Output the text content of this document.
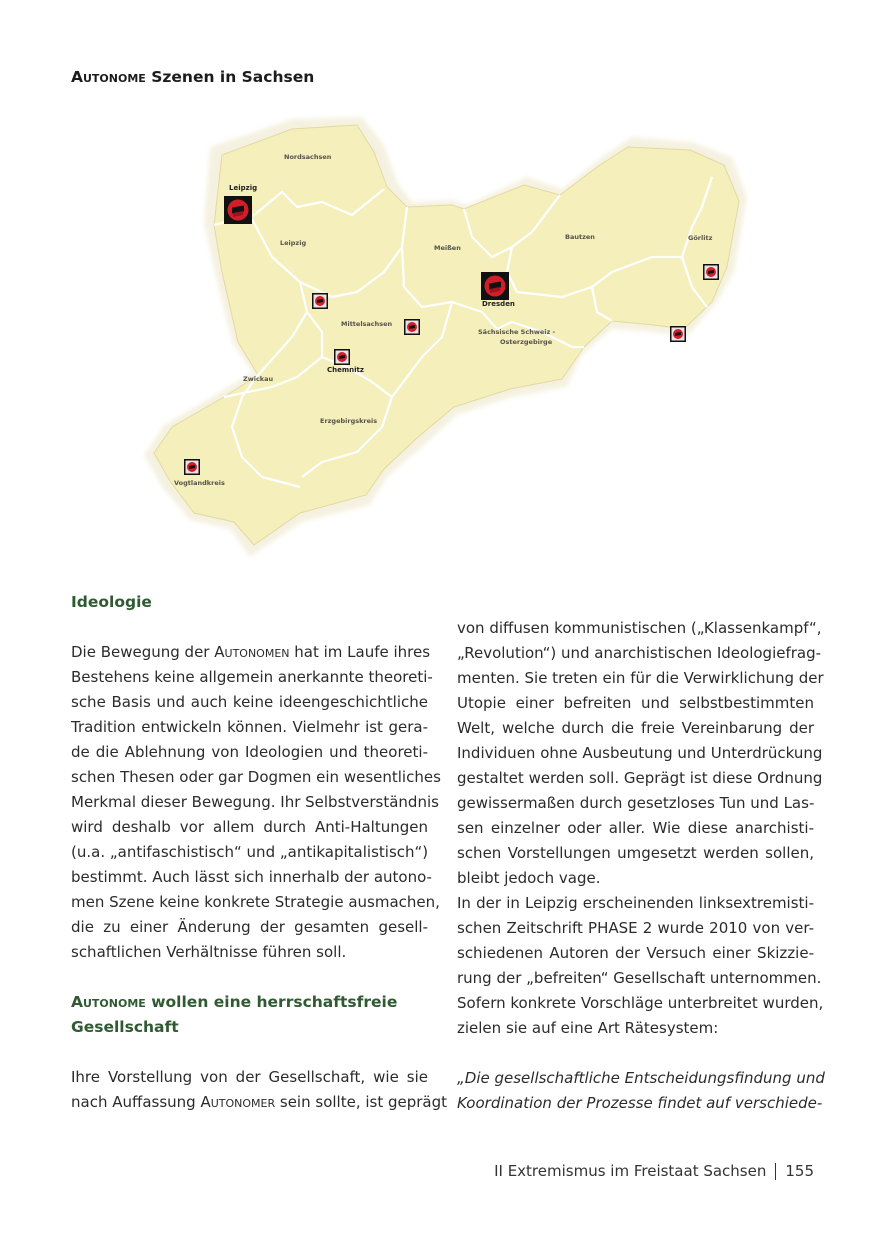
Autonome Szenen in Sachsen
Nordsachsen
Leipzig
Meißen
Bautzen	Görlitz
Mittelsachsen
Sächsische Schweiz -
Osterzgebirge
Zwickau
Erzgebirgskreis
Vogtlandkreis
Leipzig
Dresden
Chemnitz
Ideologie
Die Bewegung der Autonomen hat im Laufe ihres
Bestehens keine allgemein anerkannte theoreti-
sche Basis und auch keine ideengeschichtliche
Tradition entwickeln können. Vielmehr ist gera-
de die Ablehnung von Ideologien und theoreti-
schen Thesen oder gar Dogmen ein wesentliches
Merkmal dieser Bewegung. Ihr Selbstverständnis
wird deshalb vor allem durch Anti-Haltungen
(u.a. „antifaschistisch“ und „antikapitalistisch“)
bestimmt. Auch lässt sich innerhalb der autono-
men Szene keine konkrete Strategie ausmachen,
die zu einer Änderung der gesamten gesell-
schaftlichen Verhältnisse führen soll.
Autonome wollen eine herrschaftsfreie
Gesellschaft
Ihre Vorstellung von der Gesellschaft, wie sie
nach Auffassung Autonomer sein sollte, ist geprägt
von diffusen kommunistischen („Klassenkampf“,
„Revolution“) und anarchistischen Ideologiefrag-
menten. Sie treten ein für die Verwirklichung der
Utopie einer befreiten und selbstbestimmten
Welt, welche durch die freie Vereinbarung der
Individuen ohne Ausbeutung und Unterdrückung
gestaltet werden soll. Geprägt ist diese Ordnung
gewissermaßen durch gesetzloses Tun und Las-
sen einzelner oder aller. Wie diese anarchisti-
schen Vorstellungen umgesetzt werden sollen,
bleibt jedoch vage.
In der in Leipzig erscheinenden linksextremisti-
schen Zeitschrift PHASE 2 wurde 2010 von ver-
schiedenen Autoren der Versuch einer Skizzie-
rung der „befreiten“ Gesellschaft unternommen.
Sofern konkrete Vorschläge unterbreitet wurden,
zielen sie auf eine Art Rätesystem:
„Die gesellschaftliche Entscheidungsfindung und
Koordination der Prozesse findet auf verschiede-
II Extremismus im Freistaat Sachsen 155
